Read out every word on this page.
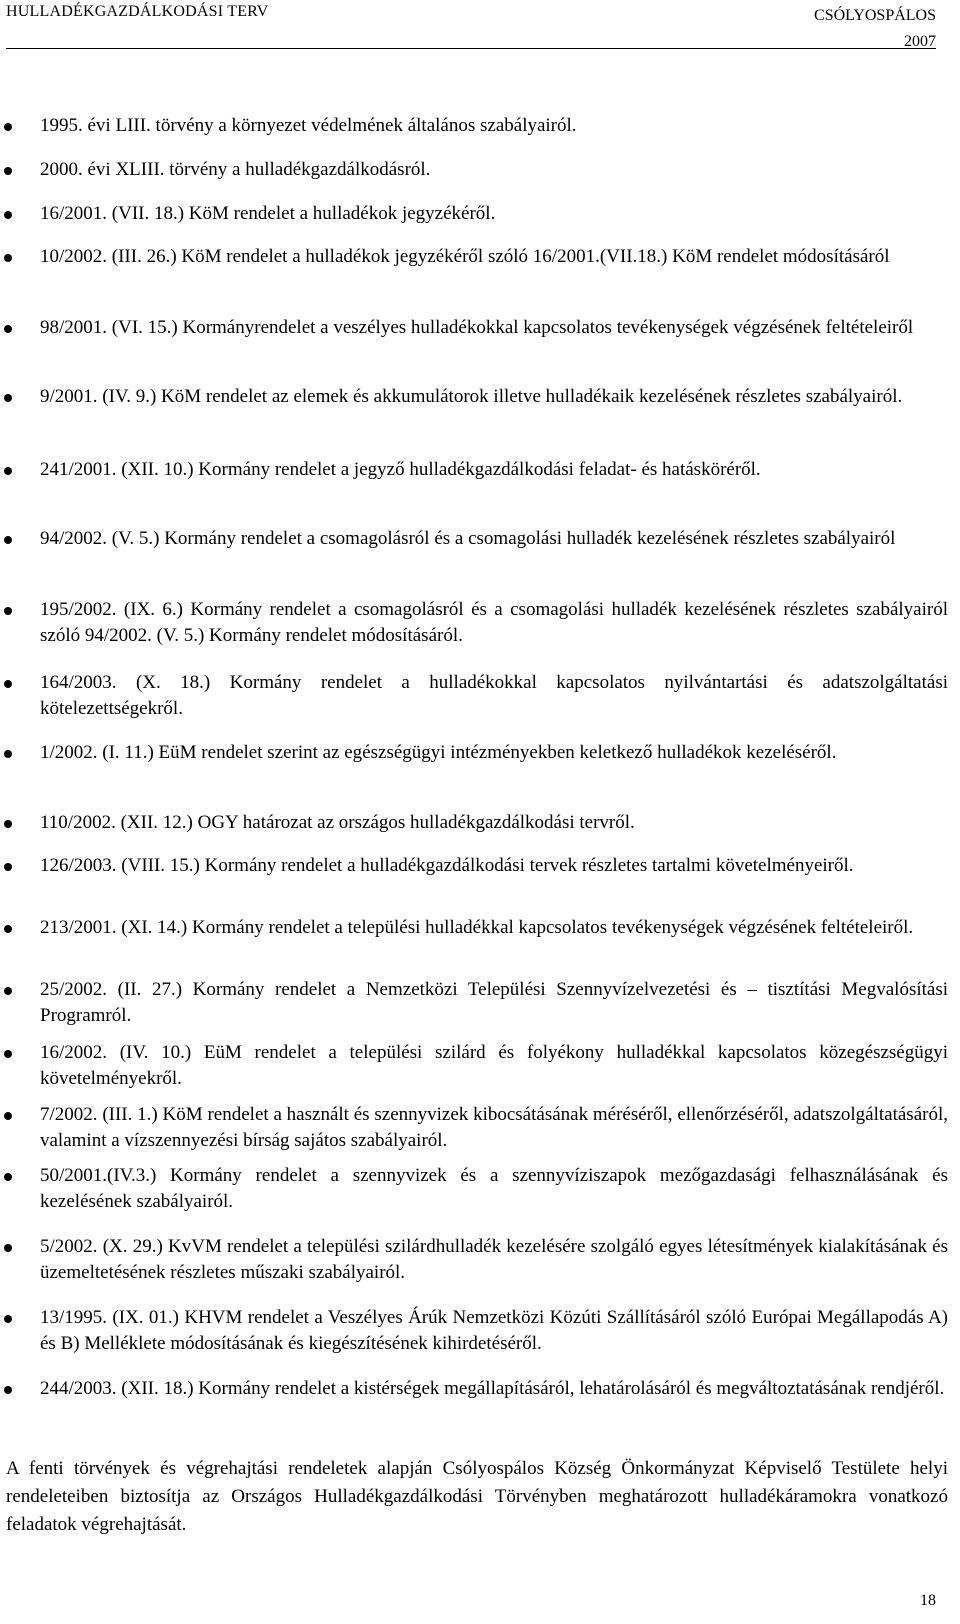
HULLADÉKGAZDÁLKODÁSI TERV	CSÓLYOSPÁLOS
2007
1995. évi LIII. törvény a környezet védelmének általános szabályairól.
2000. évi XLIII. törvény a hulladékgazdálkodásról.
16/2001. (VII. 18.) KöM rendelet a hulladékok jegyzékéről.
10/2002. (III. 26.) KöM rendelet a hulladékok jegyzékéről szóló 16/2001.(VII.18.) KöM rendelet módosításáról
98/2001. (VI. 15.) Kormányrendelet a veszélyes hulladékokkal kapcsolatos tevékenységek végzésének feltételeiről
9/2001. (IV. 9.) KöM rendelet az elemek és akkumulátorok illetve hulladékaik kezelésének részletes szabályairól.
241/2001. (XII. 10.) Kormány rendelet a jegyző hulladékgazdálkodási feladat- és hatásköréről.
94/2002. (V. 5.) Kormány rendelet a csomagolásról és a csomagolási hulladék kezelésének részletes szabályairól
195/2002. (IX. 6.) Kormány rendelet a csomagolásról és a csomagolási hulladék kezelésének részletes szabályairól szóló 94/2002. (V. 5.) Kormány rendelet módosításáról.
164/2003. (X. 18.) Kormány rendelet a hulladékokkal kapcsolatos nyilvántartási és adatszolgáltatási kötelezettségekről.
1/2002. (I. 11.) EüM rendelet szerint az egészségügyi intézményekben keletkező hulladékok kezeléséről.
110/2002. (XII. 12.) OGY határozat az országos hulladékgazdálkodási tervről.
126/2003. (VIII. 15.) Kormány rendelet a hulladékgazdálkodási tervek részletes tartalmi követelményeiről.
213/2001. (XI. 14.) Kormány rendelet a települési hulladékkal kapcsolatos tevékenységek végzésének feltételeiről.
25/2002. (II. 27.) Kormány rendelet a Nemzetközi Települési Szennyvízelvezetési és – tisztítási Megvalósítási Programról.
16/2002. (IV. 10.) EüM rendelet a települési szilárd és folyékony hulladékkal kapcsolatos közegészségügyi követelményekről.
7/2002. (III. 1.) KöM rendelet a használt és szennyvizek kibocsátásának méréséről, ellenőrzéséről, adatszolgáltatásáról, valamint a vízszennyezési bírság sajátos szabályairól.
50/2001.(IV.3.) Kormány rendelet a szennyvizek és a szennyvíziszapok mezőgazdasági felhasználásának és kezelésének szabályairól.
5/2002. (X. 29.) KvVM rendelet a települési szilárdhulladék kezelésére szolgáló egyes létesítmények kialakításának és üzemeltetésének részletes műszaki szabályairól.
13/1995. (IX. 01.) KHVM rendelet a Veszélyes Árúk Nemzetközi Közúti Szállításáról szóló Európai Megállapodás A) és B) Melléklete módosításának és kiegészítésének kihirdetéséről.
244/2003. (XII. 18.) Kormány rendelet a kistérségek megállapításáról, lehatárolásáról és megváltoztatásának rendjéről.

A fenti törvények és végrehajtási rendeletek alapján Csólyospálos Község Önkormányzat Képviselő Testülete helyi rendeleteiben biztosítja az Országos Hulladékgazdálkodási Törvényben meghatározott hulladékáramokra vonatkozó feladatok végrehajtását.

18
